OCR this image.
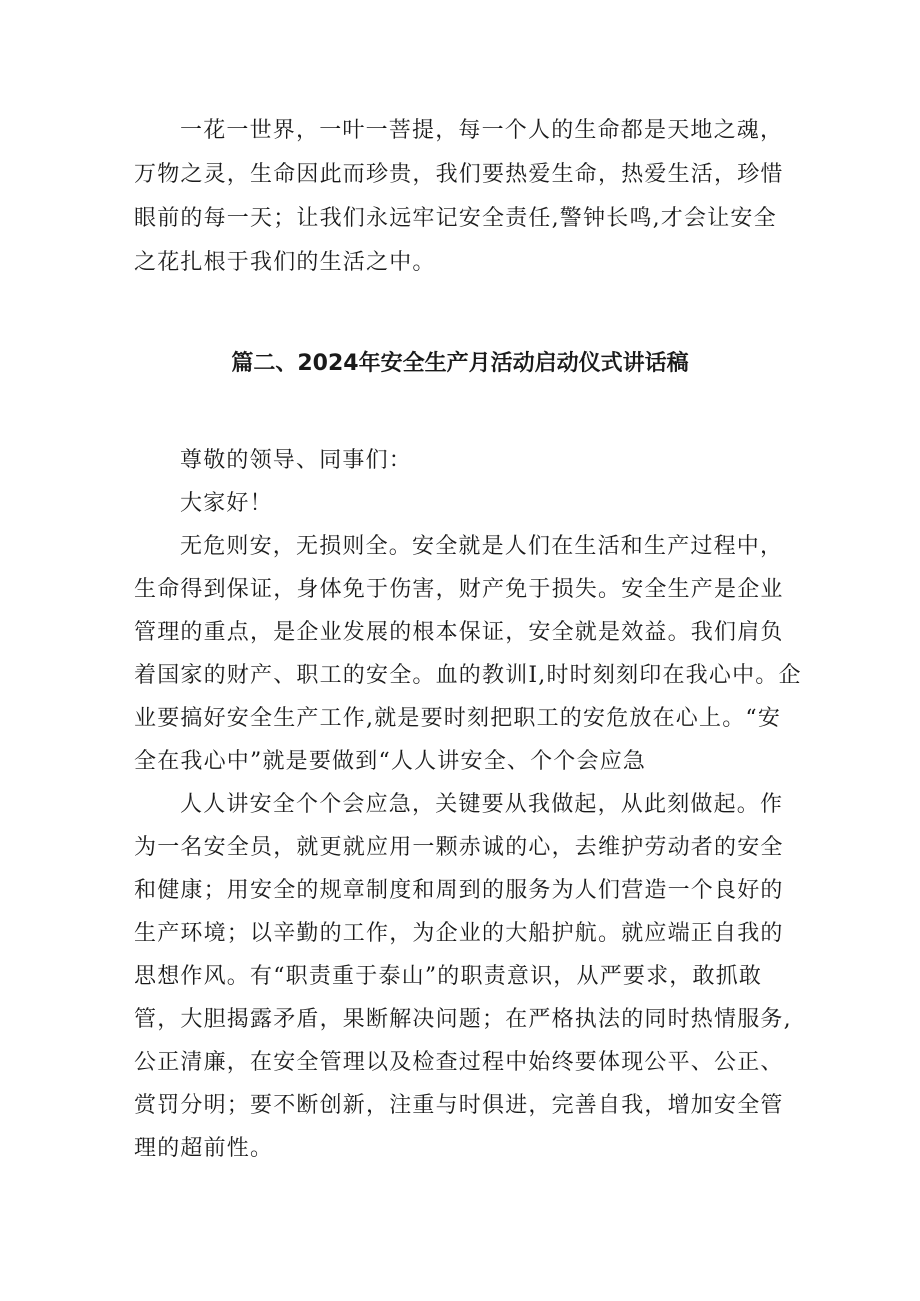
一花一世界，一叶一菩提，每一个人的生命都是天地之魂，
万物之灵，生命因此而珍贵，我们要热爱生命，热爱生活，珍惜
眼前的每一天；让我们永远牢记安全责任,警钟长鸣,才会让安全
之花扎根于我们的生活之中。
篇二、2024年安全生产月活动启动仪式讲话稿
尊敬的领导、同事们：
大家好！
无危则安，无损则全。安全就是人们在生活和生产过程中，
生命得到保证，身体免于伤害，财产免于损失。安全生产是企业
管理的重点，是企业发展的根本保证，安全就是效益。我们肩负
着国家的财产、职工的安全。血的教训I,时时刻刻印在我心中。企
业要搞好安全生产工作,就是要时刻把职工的安危放在心上。“安
全在我心中”就是要做到“人人讲安全、个个会应急
人人讲安全个个会应急，关键要从我做起，从此刻做起。作
为一名安全员，就更就应用一颗赤诚的心，去维护劳动者的安全
和健康；用安全的规章制度和周到的服务为人们营造一个良好的
生产环境；以辛勤的工作，为企业的大船护航。就应端正自我的
思想作风。有“职责重于泰山”的职责意识，从严要求，敢抓敢
管，大胆揭露矛盾，果断解决问题；在严格执法的同时热情服务,
公正清廉，在安全管理以及检查过程中始终要体现公平、公正、
赏罚分明；要不断创新，注重与时俱进，完善自我，增加安全管
理的超前性。
